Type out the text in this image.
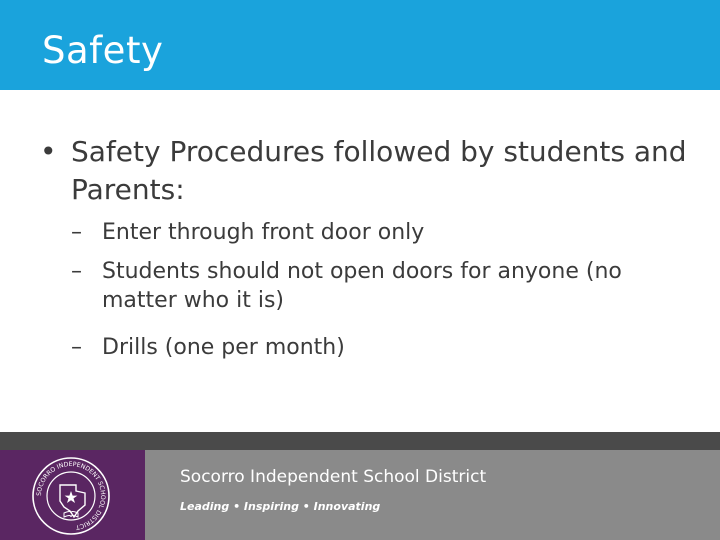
Safety
• Safety Procedures followed by students and Parents:
– Enter through front door only
– Students should not open doors for anyone (no matter who it is)
– Drills (one per month)
SOCORRO INDEPENDENT SCHOOL DISTRICT
Socorro Independent School District
Leading • Inspiring • Innovating
